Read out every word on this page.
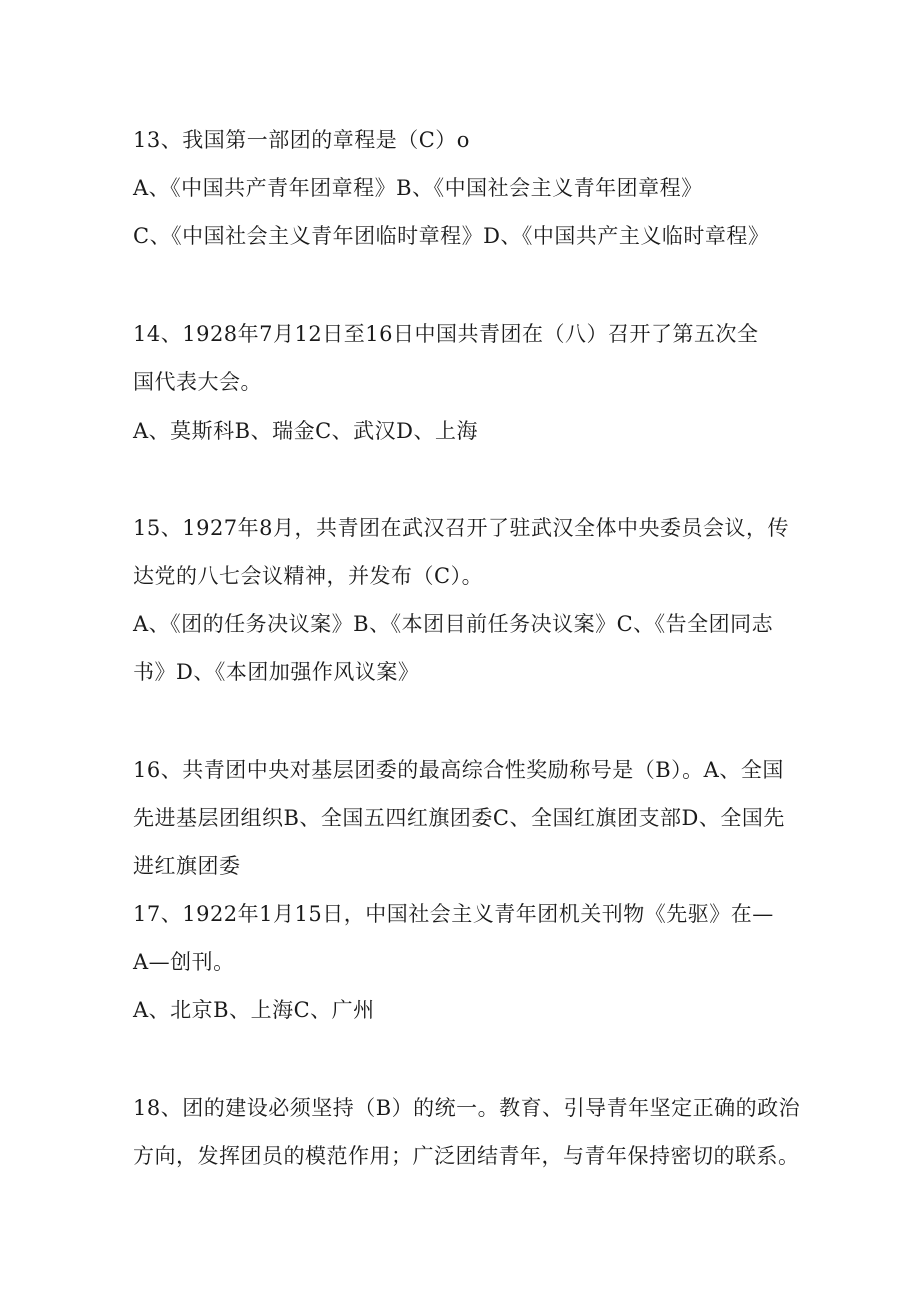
13、我国第一部团的章程是（C）o
A、《中国共产青年团章程》B、《中国社会主义青年团章程》
C、《中国社会主义青年团临时章程》D、《中国共产主义临时章程》
14、1928年7月12日至16日中国共青团在（八）召开了第五次全
国代表大会。
A、莫斯科B、瑞金C、武汉D、上海
15、1927年8月，共青团在武汉召开了驻武汉全体中央委员会议，传
达党的八七会议精神，并发布（C）。
A、《团的任务决议案》B、《本团目前任务决议案》C、《告全团同志
书》D、《本团加强作风议案》
16、共青团中央对基层团委的最高综合性奖励称号是（B）。A、全国
先进基层团组织B、全国五四红旗团委C、全国红旗团支部D、全国先
进红旗团委
17、1922年1月15日，中国社会主义青年团机关刊物《先驱》在—
A—创刊。
A、北京B、上海C、广州
18、团的建设必须坚持（B）的统一。教育、引导青年坚定正确的政治
方向，发挥团员的模范作用；广泛团结青年，与青年保持密切的联系。
